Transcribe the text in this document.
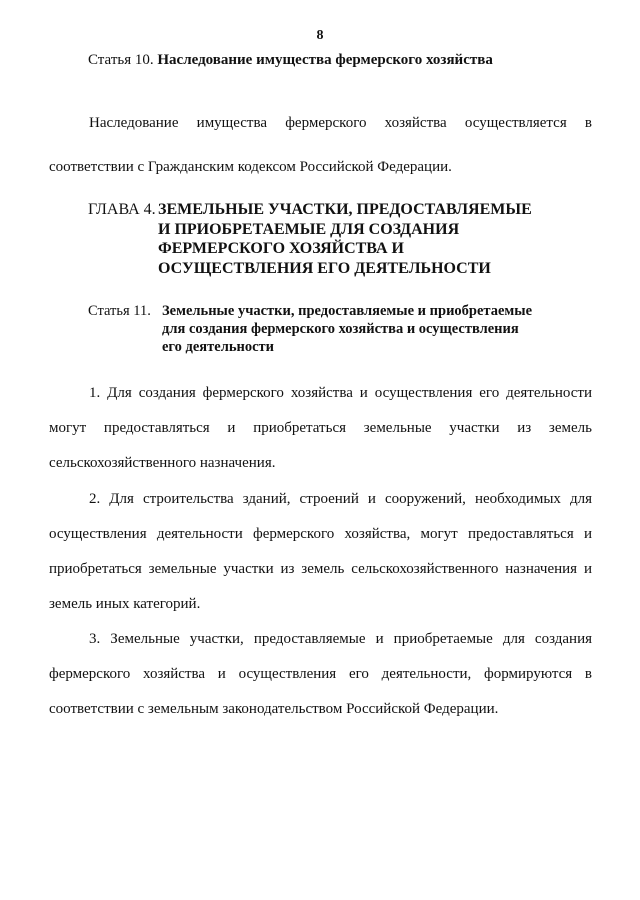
8
Статья 10. Наследование имущества фермерского хозяйства
Наследование имущества фермерского хозяйства осуществляется в
соответствии с Гражданским кодексом Российской Федерации.
ГЛАВА 4. ЗЕМЕЛЬНЫЕ УЧАСТКИ, ПРЕДОСТАВЛЯЕМЫЕ
И ПРИОБРЕТАЕМЫЕ ДЛЯ СОЗДАНИЯ
ФЕРМЕРСКОГО ХОЗЯЙСТВА И
ОСУЩЕСТВЛЕНИЯ ЕГО ДЕЯТЕЛЬНОСТИ
Статья 11. Земельные участки, предоставляемые и приобретаемые
для создания фермерского хозяйства и осуществления
его деятельности
1. Для создания фермерского хозяйства и осуществления его деятельности
могут предоставляться и приобретаться земельные участки из земель
сельскохозяйственного назначения.
2. Для строительства зданий, строений и сооружений, необходимых для
осуществления деятельности фермерского хозяйства, могут предоставляться и
приобретаться земельные участки из земель сельскохозяйственного назначения и
земель иных категорий.
3. Земельные участки, предоставляемые и приобретаемые для создания
фермерского хозяйства и осуществления его деятельности, формируются в
соответствии с земельным законодательством Российской Федерации.
